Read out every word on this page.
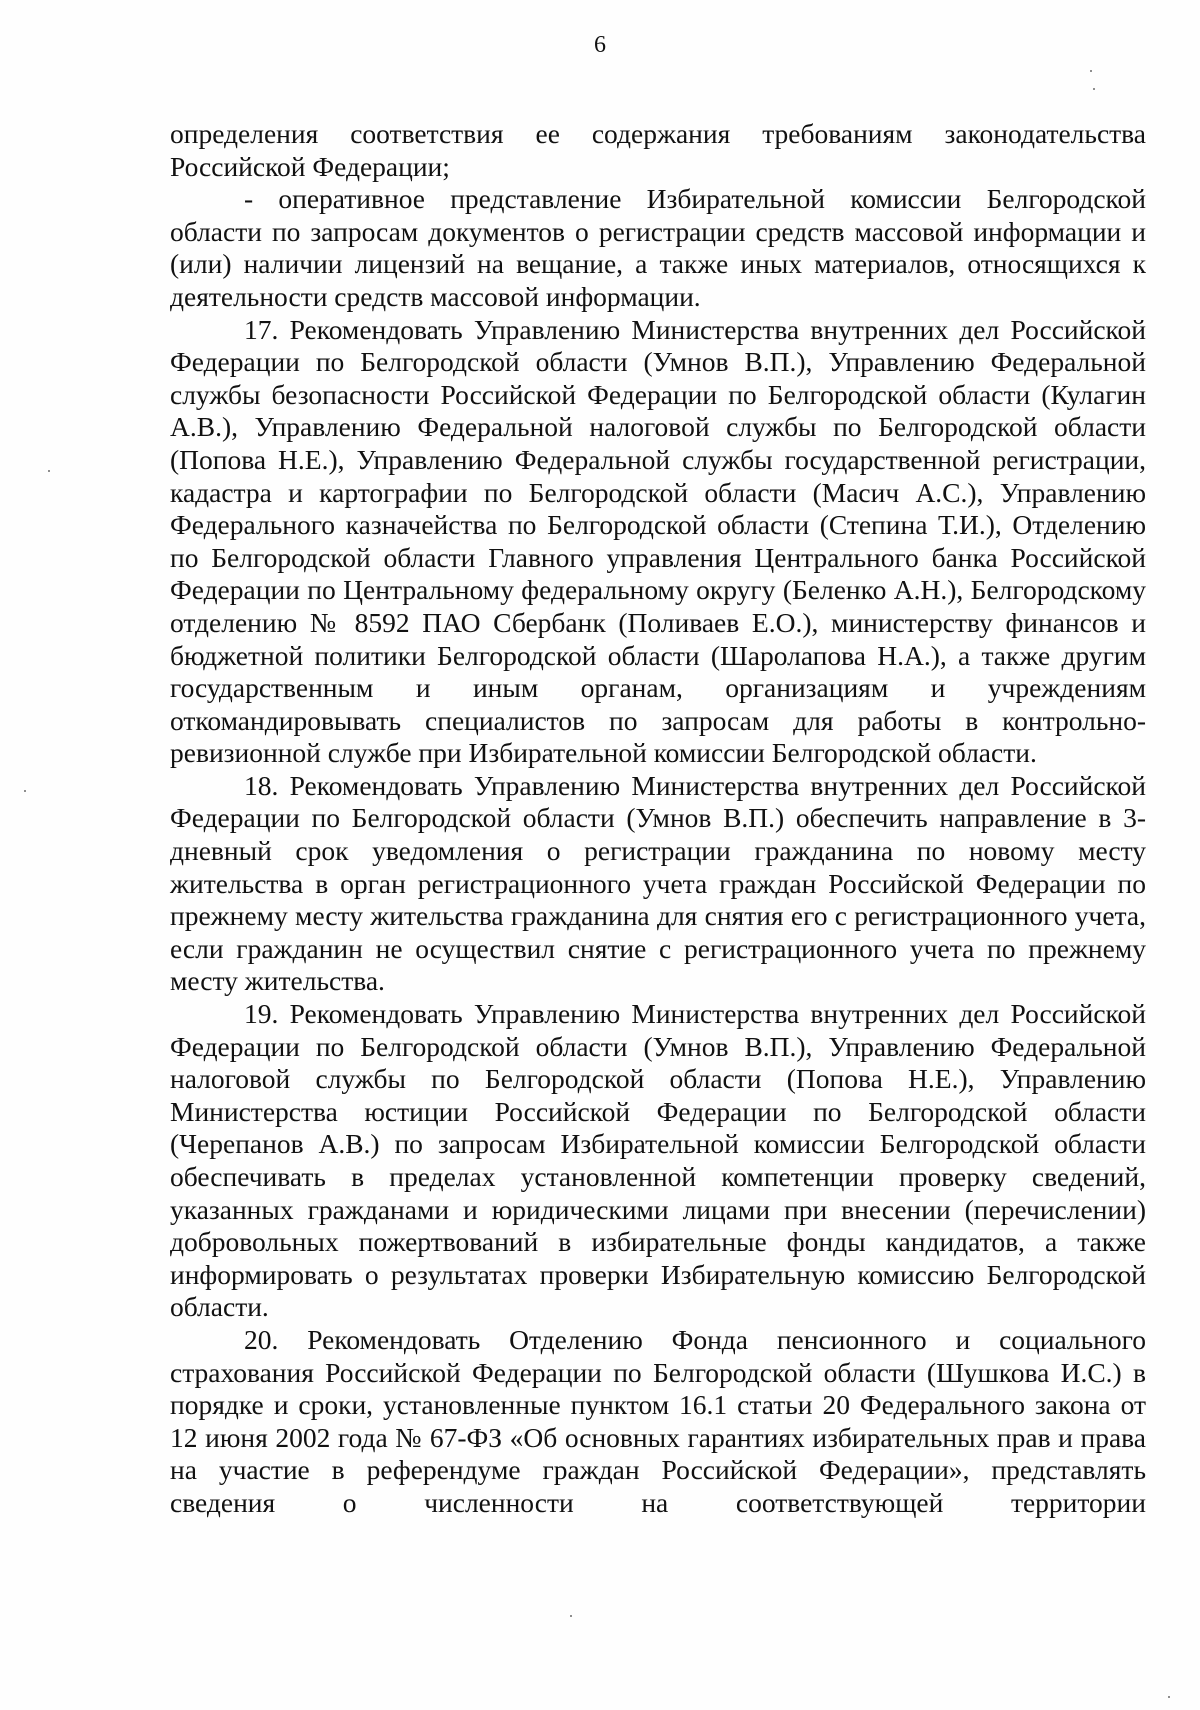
6

определения соответствия ее содержания требованиям законодательства Российской Федерации;

- оперативное представление Избирательной комиссии Белгородской области по запросам документов о регистрации средств массовой информации и (или) наличии лицензий на вещание, а также иных материалов, относящихся к деятельности средств массовой информации.

17. Рекомендовать Управлению Министерства внутренних дел Российской Федерации по Белгородской области (Умнов В.П.), Управлению Федеральной службы безопасности Российской Федерации по Белгородской области (Кулагин А.В.), Управлению Федеральной налоговой службы по Белгородской области (Попова Н.Е.), Управлению Федеральной службы государственной регистрации, кадастра и картографии по Белгородской области (Масич А.С.), Управлению Федерального казначейства по Белгородской области (Степина Т.И.), Отделению по Белгородской области Главного управления Центрального банка Российской Федерации по Центральному федеральному округу (Беленко А.Н.), Белгородскому отделению № 8592 ПАО Сбербанк (Поливаев Е.О.), министерству финансов и бюджетной политики Белгородской области (Шаролапова Н.А.), а также другим государственным и иным органам, организациям и учреждениям откомандировывать специалистов по запросам для работы в контрольно-ревизионной службе при Избирательной комиссии Белгородской области.

18. Рекомендовать Управлению Министерства внутренних дел Российской Федерации по Белгородской области (Умнов В.П.) обеспечить направление в 3-дневный срок уведомления о регистрации гражданина по новому месту жительства в орган регистрационного учета граждан Российской Федерации по прежнему месту жительства гражданина для снятия его с регистрационного учета, если гражданин не осуществил снятие с регистрационного учета по прежнему месту жительства.

19. Рекомендовать Управлению Министерства внутренних дел Российской Федерации по Белгородской области (Умнов В.П.), Управлению Федеральной налоговой службы по Белгородской области (Попова Н.Е.), Управлению Министерства юстиции Российской Федерации по Белгородской области (Черепанов А.В.) по запросам Избирательной комиссии Белгородской области обеспечивать в пределах установленной компетенции проверку сведений, указанных гражданами и юридическими лицами при внесении (перечислении) добровольных пожертвований в избирательные фонды кандидатов, а также информировать о результатах проверки Избирательную комиссию Белгородской области.

20. Рекомендовать Отделению Фонда пенсионного и социального страхования Российской Федерации по Белгородской области (Шушкова И.С.) в порядке и сроки, установленные пунктом 16.1 статьи 20 Федерального закона от 12 июня 2002 года № 67-ФЗ «Об основных гарантиях избирательных прав и права на участие в референдуме граждан Российской Федерации», представлять сведения о численности на соответствующей территории
